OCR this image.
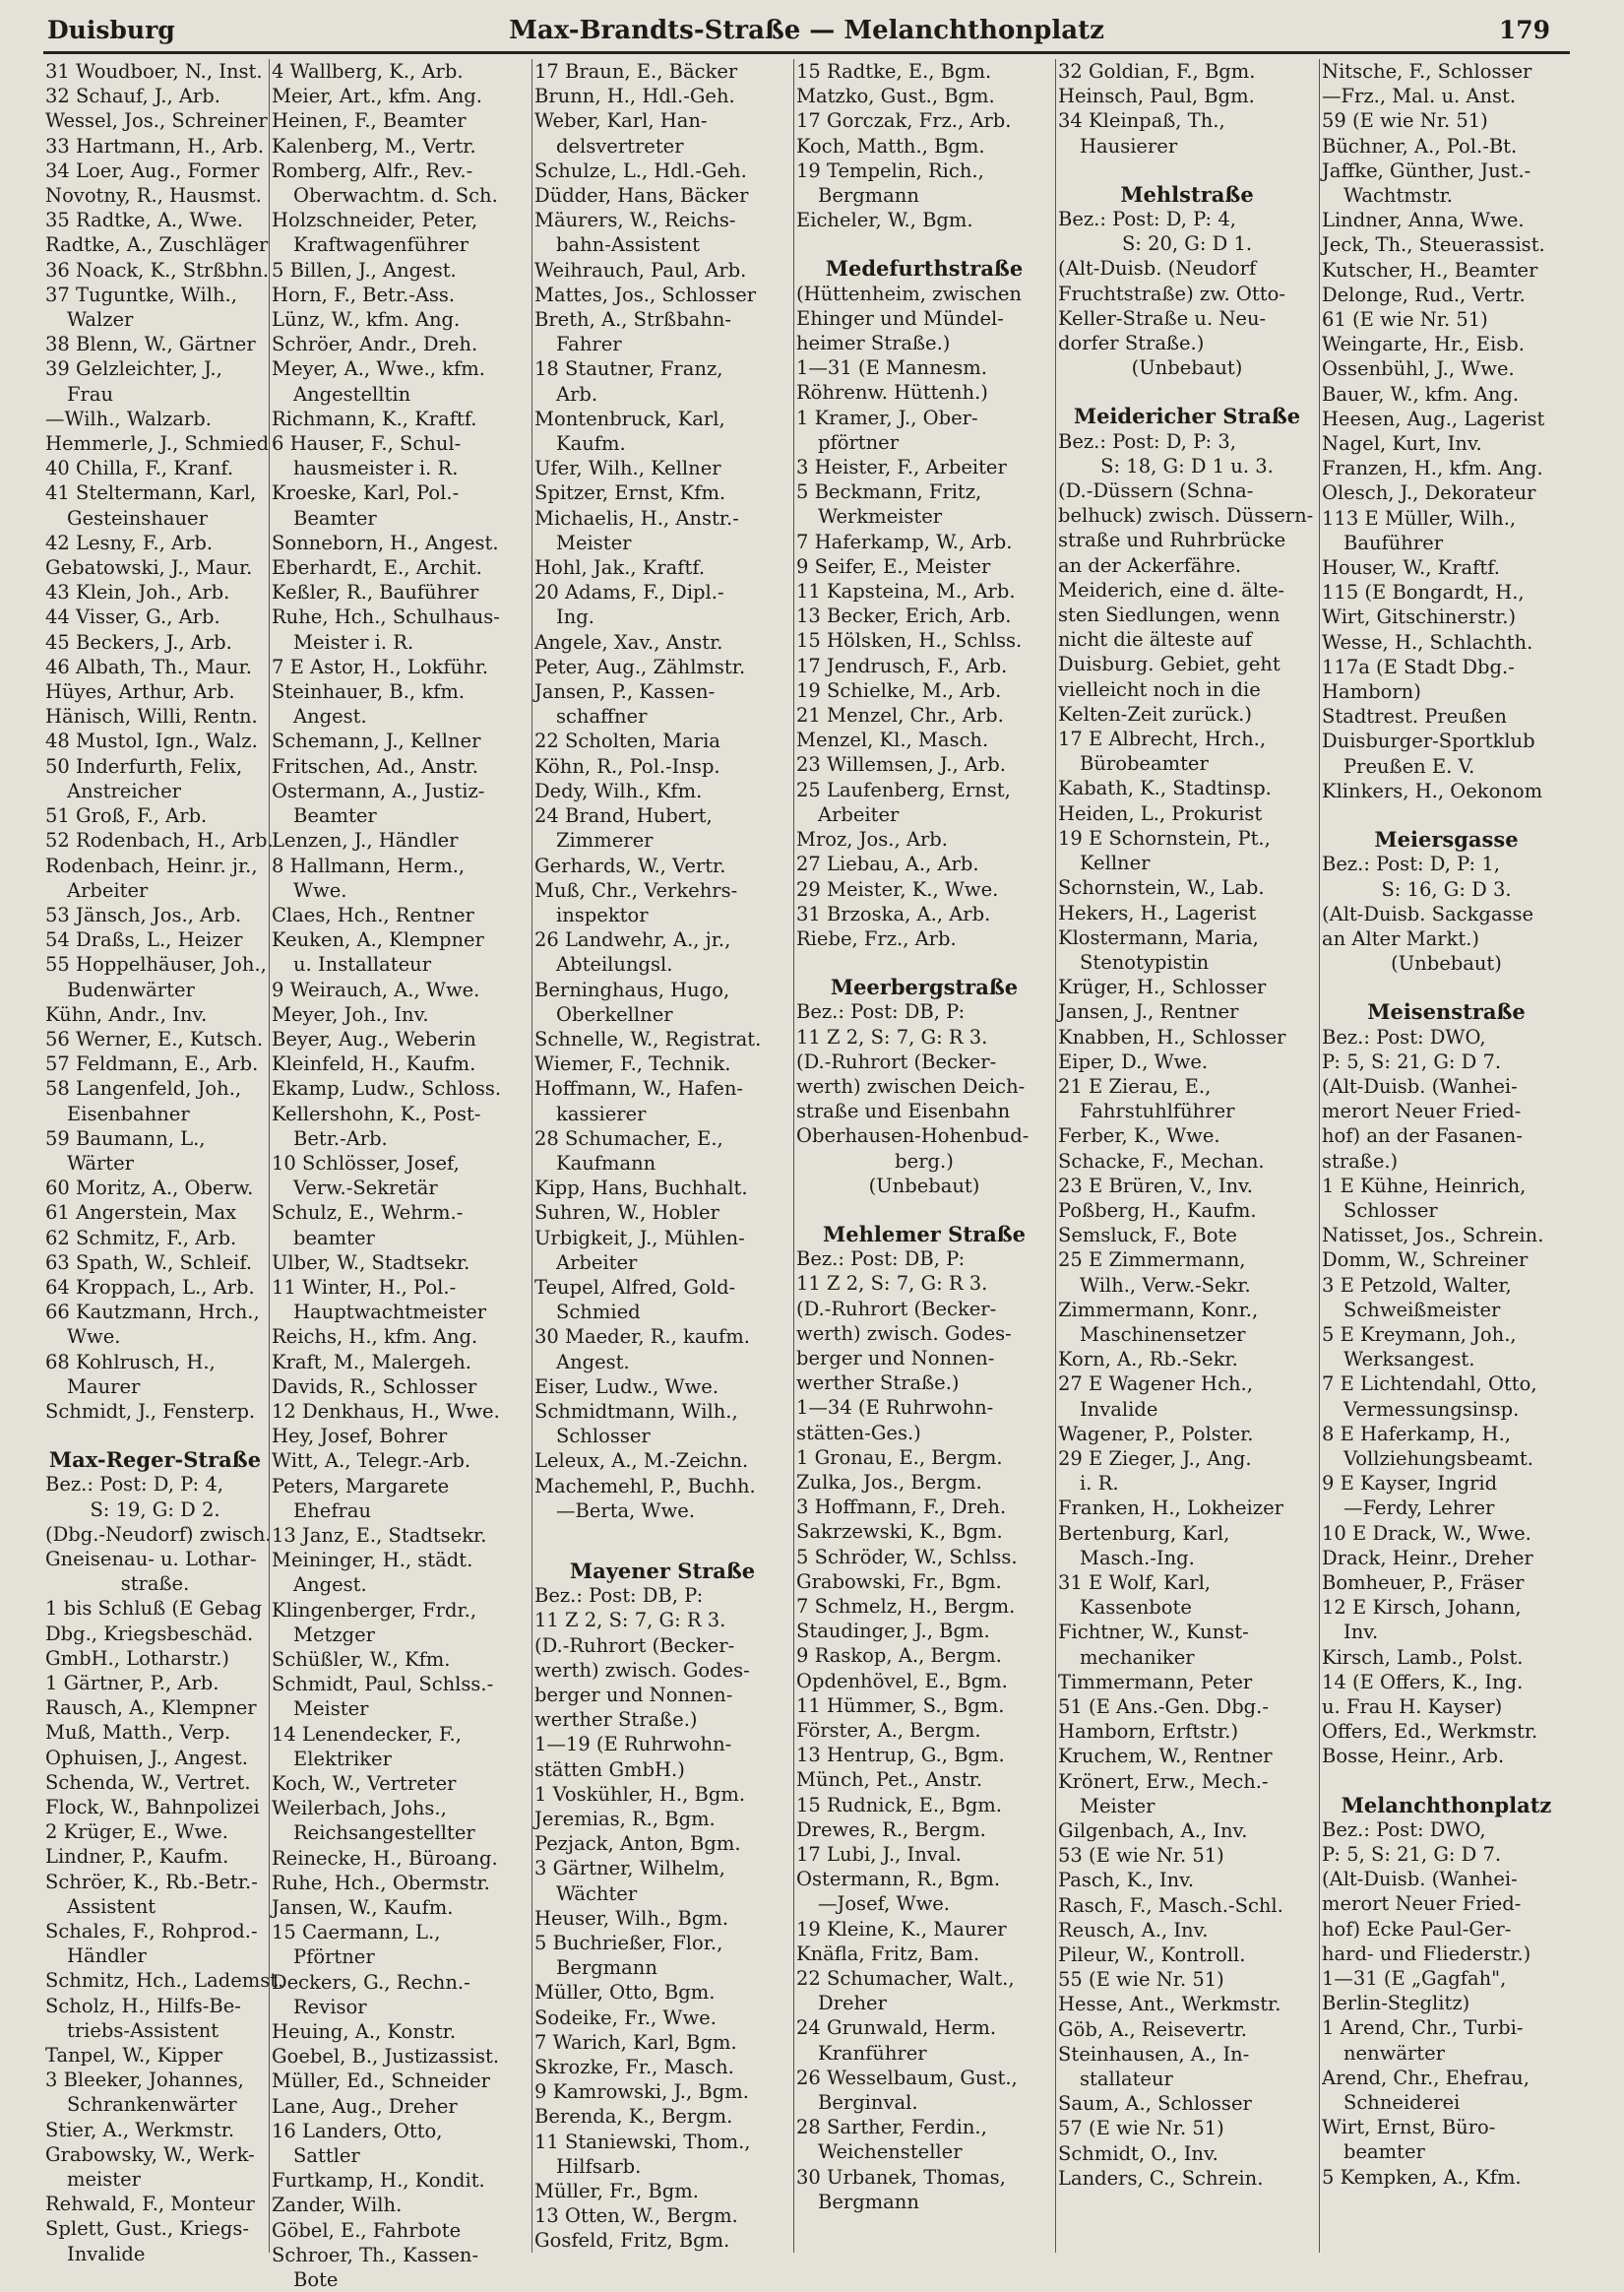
Duisburg	Max-Brandts-Straße — Melanchthonplatz	179
31 Woudboer, N., Inst.
32 Schauf, J., Arb.
Wessel, Jos., Schreiner
33 Hartmann, H., Arb.
34 Loer, Aug., Former
Novotny, R., Hausmst.
35 Radtke, A., Wwe.
Radtke, A., Zuschläger
36 Noack, K., Strßbhn.
37 Tuguntke, Wilh.,
Walzer
38 Blenn, W., Gärtner
39 Gelzleichter, J.,
Frau
—Wilh., Walzarb.
Hemmerle, J., Schmied
40 Chilla, F., Kranf.
41 Steltermann, Karl,
Gesteinshauer
42 Lesny, F., Arb.
Gebatowski, J., Maur.
43 Klein, Joh., Arb.
44 Visser, G., Arb.
45 Beckers, J., Arb.
46 Albath, Th., Maur.
Hüyes, Arthur, Arb.
Hänisch, Willi, Rentn.
48 Mustol, Ign., Walz.
50 Inderfurth, Felix,
Anstreicher
51 Groß, F., Arb.
52 Rodenbach, H., Arb.
Rodenbach, Heinr. jr.,
Arbeiter
53 Jänsch, Jos., Arb.
54 Draßs, L., Heizer
55 Hoppelhäuser, Joh.,
Budenwärter
Kühn, Andr., Inv.
56 Werner, E., Kutsch.
57 Feldmann, E., Arb.
58 Langenfeld, Joh.,
Eisenbahner
59 Baumann, L.,
Wärter
60 Moritz, A., Oberw.
61 Angerstein, Max
62 Schmitz, F., Arb.
63 Spath, W., Schleif.
64 Kroppach, L., Arb.
66 Kautzmann, Hrch.,
Wwe.
68 Kohlrusch, H.,
Maurer
Schmidt, J., Fensterp.
Max-Reger-Straße
Bez.: Post: D, P: 4,
S: 19, G: D 2.
(Dbg.-Neudorf) zwisch.
Gneisenau- u. Lothar-
straße.
1 bis Schluß (E Gebag
Dbg., Kriegsbeschäd.
GmbH., Lotharstr.)
1 Gärtner, P., Arb.
Rausch, A., Klempner
Muß, Matth., Verp.
Ophuisen, J., Angest.
Schenda, W., Vertret.
Flock, W., Bahnpolizei
2 Krüger, E., Wwe.
Lindner, P., Kaufm.
Schröer, K., Rb.-Betr.-
Assistent
Schales, F., Rohprod.-
Händler
Schmitz, Hch., Lademst.
Scholz, H., Hilfs-Be-
triebs-Assistent
Tanpel, W., Kipper
3 Bleeker, Johannes,
Schrankenwärter
Stier, A., Werkmstr.
Grabowsky, W., Werk-
meister
Rehwald, F., Monteur
Splett, Gust., Kriegs-
Invalide
4 Wallberg, K., Arb.
Meier, Art., kfm. Ang.
Heinen, F., Beamter
Kalenberg, M., Vertr.
Romberg, Alfr., Rev.-
Oberwachtm. d. Sch.
Holzschneider, Peter,
Kraftwagenführer
5 Billen, J., Angest.
Horn, F., Betr.-Ass.
Lünz, W., kfm. Ang.
Schröer, Andr., Dreh.
Meyer, A., Wwe., kfm.
Angestelltin
Richmann, K., Kraftf.
6 Hauser, F., Schul-
hausmeister i. R.
Kroeske, Karl, Pol.-
Beamter
Sonneborn, H., Angest.
Eberhardt, E., Archit.
Keßler, R., Bauführer
Ruhe, Hch., Schulhaus-
Meister i. R.
7 E Astor, H., Lokführ.
Steinhauer, B., kfm.
Angest.
Schemann, J., Kellner
Fritschen, Ad., Anstr.
Ostermann, A., Justiz-
Beamter
Lenzen, J., Händler
8 Hallmann, Herm.,
Wwe.
Claes, Hch., Rentner
Keuken, A., Klempner
u. Installateur
9 Weirauch, A., Wwe.
Meyer, Joh., Inv.
Beyer, Aug., Weberin
Kleinfeld, H., Kaufm.
Ekamp, Ludw., Schloss.
Kellershohn, K., Post-
Betr.-Arb.
10 Schlösser, Josef,
Verw.-Sekretär
Schulz, E., Wehrm.-
beamter
Ulber, W., Stadtsekr.
11 Winter, H., Pol.-
Hauptwachtmeister
Reichs, H., kfm. Ang.
Kraft, M., Malergeh.
Davids, R., Schlosser
12 Denkhaus, H., Wwe.
Hey, Josef, Bohrer
Witt, A., Telegr.-Arb.
Peters, Margarete
Ehefrau
13 Janz, E., Stadtsekr.
Meininger, H., städt.
Angest.
Klingenberger, Frdr.,
Metzger
Schüßler, W., Kfm.
Schmidt, Paul, Schlss.-
Meister
14 Lenendecker, F.,
Elektriker
Koch, W., Vertreter
Weilerbach, Johs.,
Reichsangestellter
Reinecke, H., Büroang.
Ruhe, Hch., Obermstr.
Jansen, W., Kaufm.
15 Caermann, L.,
Pförtner
Deckers, G., Rechn.-
Revisor
Heuing, A., Konstr.
Goebel, B., Justizassist.
Müller, Ed., Schneider
Lane, Aug., Dreher
16 Landers, Otto,
Sattler
Furtkamp, H., Kondit.
Zander, Wilh.
Göbel, E., Fahrbote
Schroer, Th., Kassen-
Bote
17 Braun, E., Bäcker
Brunn, H., Hdl.-Geh.
Weber, Karl, Han-
delsvertreter
Schulze, L., Hdl.-Geh.
Düdder, Hans, Bäcker
Mäurers, W., Reichs-
bahn-Assistent
Weihrauch, Paul, Arb.
Mattes, Jos., Schlosser
Breth, A., Strßbahn-
Fahrer
18 Stautner, Franz,
Arb.
Montenbruck, Karl,
Kaufm.
Ufer, Wilh., Kellner
Spitzer, Ernst, Kfm.
Michaelis, H., Anstr.-
Meister
Hohl, Jak., Kraftf.
20 Adams, F., Dipl.-
Ing.
Angele, Xav., Anstr.
Peter, Aug., Zählmstr.
Jansen, P., Kassen-
schaffner
22 Scholten, Maria
Köhn, R., Pol.-Insp.
Dedy, Wilh., Kfm.
24 Brand, Hubert,
Zimmerer
Gerhards, W., Vertr.
Muß, Chr., Verkehrs-
inspektor
26 Landwehr, A., jr.,
Abteilungsl.
Berninghaus, Hugo,
Oberkellner
Schnelle, W., Registrat.
Wiemer, F., Technik.
Hoffmann, W., Hafen-
kassierer
28 Schumacher, E.,
Kaufmann
Kipp, Hans, Buchhalt.
Suhren, W., Hobler
Urbigkeit, J., Mühlen-
Arbeiter
Teupel, Alfred, Gold-
Schmied
30 Maeder, R., kaufm.
Angest.
Eiser, Ludw., Wwe.
Schmidtmann, Wilh.,
Schlosser
Leleux, A., M.-Zeichn.
Machemehl, P., Buchh.
—Berta, Wwe.
Mayener Straße
Bez.: Post: DB, P:
11 Z 2, S: 7, G: R 3.
(D.-Ruhrort (Becker-
werth) zwisch. Godes-
berger und Nonnen-
werther Straße.)
1—19 (E Ruhrwohn-
stätten GmbH.)
1 Voskühler, H., Bgm.
Jeremias, R., Bgm.
Pezjack, Anton, Bgm.
3 Gärtner, Wilhelm,
Wächter
Heuser, Wilh., Bgm.
5 Buchrießer, Flor.,
Bergmann
Müller, Otto, Bgm.
Sodeike, Fr., Wwe.
7 Warich, Karl, Bgm.
Skrozke, Fr., Masch.
9 Kamrowski, J., Bgm.
Berenda, K., Bergm.
11 Staniewski, Thom.,
Hilfsarb.
Müller, Fr., Bgm.
13 Otten, W., Bergm.
Gosfeld, Fritz, Bgm.
15 Radtke, E., Bgm.
Matzko, Gust., Bgm.
17 Gorczak, Frz., Arb.
Koch, Matth., Bgm.
19 Tempelin, Rich.,
Bergmann
Eicheler, W., Bgm.
Medefurthstraße
(Hüttenheim, zwischen
Ehinger und Mündel-
heimer Straße.)
1—31 (E Mannesm.
Röhrenw. Hüttenh.)
1 Kramer, J., Ober-
pförtner
3 Heister, F., Arbeiter
5 Beckmann, Fritz,
Werkmeister
7 Haferkamp, W., Arb.
9 Seifer, E., Meister
11 Kapsteina, M., Arb.
13 Becker, Erich, Arb.
15 Hölsken, H., Schlss.
17 Jendrusch, F., Arb.
19 Schielke, M., Arb.
21 Menzel, Chr., Arb.
Menzel, Kl., Masch.
23 Willemsen, J., Arb.
25 Laufenberg, Ernst,
Arbeiter
Mroz, Jos., Arb.
27 Liebau, A., Arb.
29 Meister, K., Wwe.
31 Brzoska, A., Arb.
Riebe, Frz., Arb.
Meerbergstraße
Bez.: Post: DB, P:
11 Z 2, S: 7, G: R 3.
(D.-Ruhrort (Becker-
werth) zwischen Deich-
straße und Eisenbahn
Oberhausen-Hohenbud-
berg.)
(Unbebaut)
Mehlemer Straße
Bez.: Post: DB, P:
11 Z 2, S: 7, G: R 3.
(D.-Ruhrort (Becker-
werth) zwisch. Godes-
berger und Nonnen-
werther Straße.)
1—34 (E Ruhrwohn-
stätten-Ges.)
1 Gronau, E., Bergm.
Zulka, Jos., Bergm.
3 Hoffmann, F., Dreh.
Sakrzewski, K., Bgm.
5 Schröder, W., Schlss.
Grabowski, Fr., Bgm.
7 Schmelz, H., Bergm.
Staudinger, J., Bgm.
9 Raskop, A., Bergm.
Opdenhövel, E., Bgm.
11 Hümmer, S., Bgm.
Förster, A., Bergm.
13 Hentrup, G., Bgm.
Münch, Pet., Anstr.
15 Rudnick, E., Bgm.
Drewes, R., Bergm.
17 Lubi, J., Inval.
Ostermann, R., Bgm.
—Josef, Wwe.
19 Kleine, K., Maurer
Knäfla, Fritz, Bam.
22 Schumacher, Walt.,
Dreher
24 Grunwald, Herm.
Kranführer
26 Wesselbaum, Gust.,
Berginval.
28 Sarther, Ferdin.,
Weichensteller
30 Urbanek, Thomas,
Bergmann
32 Goldian, F., Bgm.
Heinsch, Paul, Bgm.
34 Kleinpaß, Th.,
Hausierer
Mehlstraße
Bez.: Post: D, P: 4,
S: 20, G: D 1.
(Alt-Duisb. (Neudorf
Fruchtstraße) zw. Otto-
Keller-Straße u. Neu-
dorfer Straße.)
(Unbebaut)
Meidericher Straße
Bez.: Post: D, P: 3,
S: 18, G: D 1 u. 3.
(D.-Düssern (Schna-
belhuck) zwisch. Düssern-
straße und Ruhrbrücke
an der Ackerfähre.
Meiderich, eine d. älte-
sten Siedlungen, wenn
nicht die älteste auf
Duisburg. Gebiet, geht
vielleicht noch in die
Kelten-Zeit zurück.)
17 E Albrecht, Hrch.,
Bürobeamter
Kabath, K., Stadtinsp.
Heiden, L., Prokurist
19 E Schornstein, Pt.,
Kellner
Schornstein, W., Lab.
Hekers, H., Lagerist
Klostermann, Maria,
Stenotypistin
Krüger, H., Schlosser
Jansen, J., Rentner
Knabben, H., Schlosser
Eiper, D., Wwe.
21 E Zierau, E.,
Fahrstuhlführer
Ferber, K., Wwe.
Schacke, F., Mechan.
23 E Brüren, V., Inv.
Poßberg, H., Kaufm.
Semsluck, F., Bote
25 E Zimmermann,
Wilh., Verw.-Sekr.
Zimmermann, Konr.,
Maschinensetzer
Korn, A., Rb.-Sekr.
27 E Wagener Hch.,
Invalide
Wagener, P., Polster.
29 E Zieger, J., Ang.
i. R.
Franken, H., Lokheizer
Bertenburg, Karl,
Masch.-Ing.
31 E Wolf, Karl,
Kassenbote
Fichtner, W., Kunst-
mechaniker
Timmermann, Peter
51 (E Ans.-Gen. Dbg.-
Hamborn, Erftstr.)
Kruchem, W., Rentner
Krönert, Erw., Mech.-
Meister
Gilgenbach, A., Inv.
53 (E wie Nr. 51)
Pasch, K., Inv.
Rasch, F., Masch.-Schl.
Reusch, A., Inv.
Pileur, W., Kontroll.
55 (E wie Nr. 51)
Hesse, Ant., Werkmstr.
Göb, A., Reisevertr.
Steinhausen, A., In-
stallateur
Saum, A., Schlosser
57 (E wie Nr. 51)
Schmidt, O., Inv.
Landers, C., Schrein.
Nitsche, F., Schlosser
—Frz., Mal. u. Anst.
59 (E wie Nr. 51)
Büchner, A., Pol.-Bt.
Jaffke, Günther, Just.-
Wachtmstr.
Lindner, Anna, Wwe.
Jeck, Th., Steuerassist.
Kutscher, H., Beamter
Delonge, Rud., Vertr.
61 (E wie Nr. 51)
Weingarte, Hr., Eisb.
Ossenbühl, J., Wwe.
Bauer, W., kfm. Ang.
Heesen, Aug., Lagerist
Nagel, Kurt, Inv.
Franzen, H., kfm. Ang.
Olesch, J., Dekorateur
113 E Müller, Wilh.,
Bauführer
Houser, W., Kraftf.
115 (E Bongardt, H.,
Wirt, Gitschinerstr.)
Wesse, H., Schlachth.
117a (E Stadt Dbg.-
Hamborn)
Stadtrest. Preußen
Duisburger-Sportklub
Preußen E. V.
Klinkers, H., Oekonom
Meiersgasse
Bez.: Post: D, P: 1,
S: 16, G: D 3.
(Alt-Duisb. Sackgasse
an Alter Markt.)
(Unbebaut)
Meisenstraße
Bez.: Post: DWO,
P: 5, S: 21, G: D 7.
(Alt-Duisb. (Wanhei-
merort Neuer Fried-
hof) an der Fasanen-
straße.)
1 E Kühne, Heinrich,
Schlosser
Natisset, Jos., Schrein.
Domm, W., Schreiner
3 E Petzold, Walter,
Schweißmeister
5 E Kreymann, Joh.,
Werksangest.
7 E Lichtendahl, Otto,
Vermessungsinsp.
8 E Haferkamp, H.,
Vollziehungsbeamt.
9 E Kayser, Ingrid
—Ferdy, Lehrer
10 E Drack, W., Wwe.
Drack, Heinr., Dreher
Bomheuer, P., Fräser
12 E Kirsch, Johann,
Inv.
Kirsch, Lamb., Polst.
14 (E Offers, K., Ing.
u. Frau H. Kayser)
Offers, Ed., Werkmstr.
Bosse, Heinr., Arb.
Melanchthonplatz
Bez.: Post: DWO,
P: 5, S: 21, G: D 7.
(Alt-Duisb. (Wanhei-
merort Neuer Fried-
hof) Ecke Paul-Ger-
hard- und Fliederstr.)
1—31 (E „Gagfah",
Berlin-Steglitz)
1 Arend, Chr., Turbi-
nenwärter
Arend, Chr., Ehefrau,
Schneiderei
Wirt, Ernst, Büro-
beamter
5 Kempken, A., Kfm.
